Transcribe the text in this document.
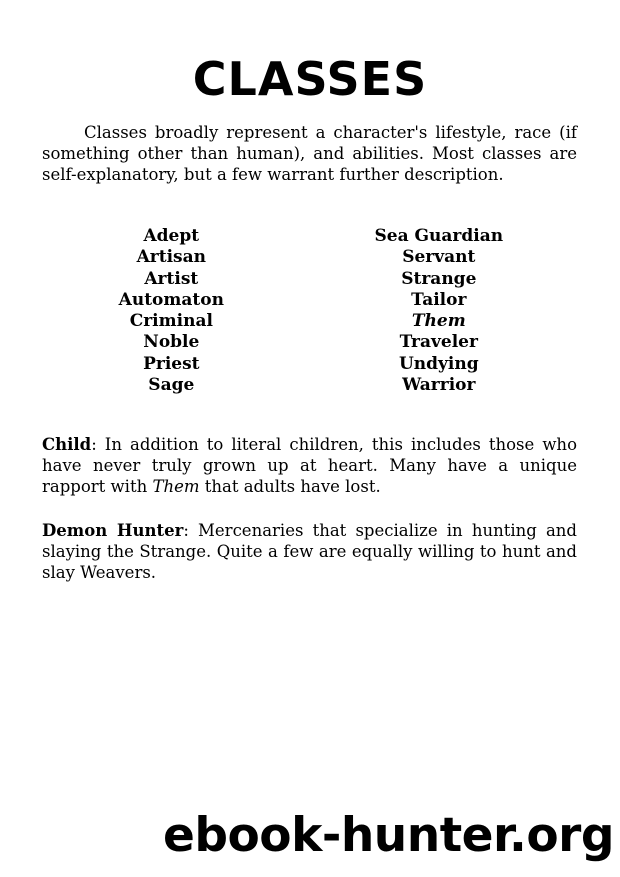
CLASSES

Classes broadly represent a character's lifestyle, race (if something other than human), and abilities. Most classes are self-explanatory, but a few warrant further description.

Adept
Artisan
Artist
Automaton
Criminal
Noble
Priest
Sage
Sea Guardian
Servant
Strange
Tailor
Them
Traveler
Undying
Warrior

Child: In addition to literal children, this includes those who have never truly grown up at heart. Many have a unique rapport with Them that adults have lost.

Demon Hunter: Mercenaries that specialize in hunting and slaying the Strange. Quite a few are equally willing to hunt and slay Weavers.

ebook-hunter.org
